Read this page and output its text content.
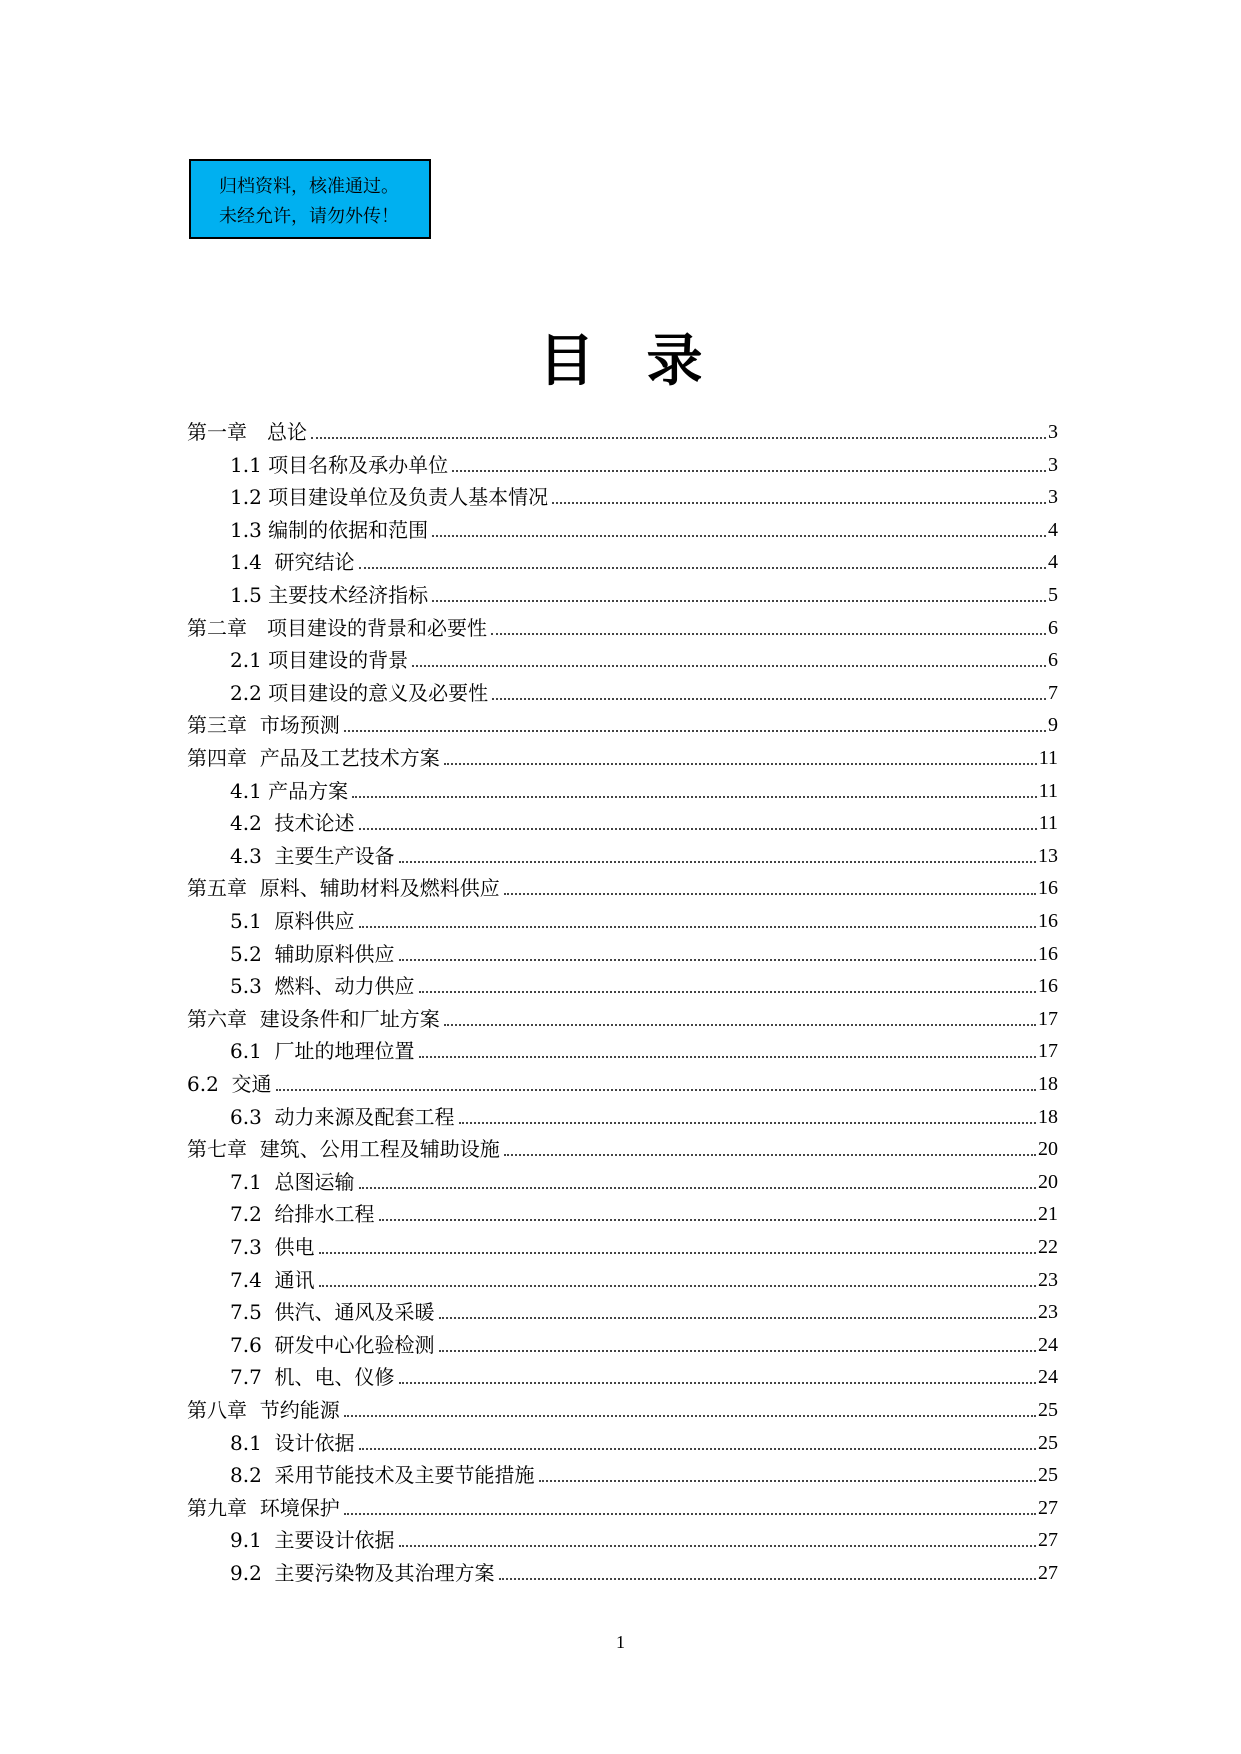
归档资料，核准通过。
未经允许，请勿外传！
目录
第一章　总论	3
1.1 项目名称及承办单位	3
1.2 项目建设单位及负责人基本情况	3
1.3 编制的依据和范围	4
1.4  研究结论	4
1.5 主要技术经济指标	5
第二章　项目建设的背景和必要性	6
2.1 项目建设的背景	6
2.2 项目建设的意义及必要性	7
第三章  市场预测	9
第四章  产品及工艺技术方案	11
4.1 产品方案	11
4.2  技术论述	11
4.3  主要生产设备	13
第五章  原料、辅助材料及燃料供应	16
5.1  原料供应	16
5.2  辅助原料供应	16
5.3  燃料、动力供应	16
第六章  建设条件和厂址方案	17
6.1  厂址的地理位置	17
6.2  交通	18
6.3  动力来源及配套工程	18
第七章  建筑、公用工程及辅助设施	20
7.1  总图运输	20
7.2  给排水工程	21
7.3  供电	22
7.4  通讯	23
7.5  供汽、通风及采暖	23
7.6  研发中心化验检测	24
7.7  机、电、仪修	24
第八章  节约能源	25
8.1  设计依据	25
8.2  采用节能技术及主要节能措施	25
第九章  环境保护	27
9.1  主要设计依据	27
9.2  主要污染物及其治理方案	27
1
